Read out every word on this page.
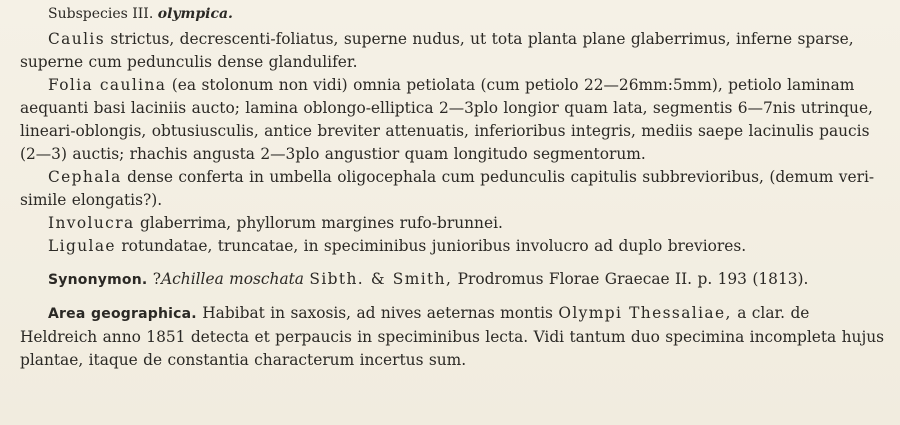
Subspecies III. olympica.

Caulis strictus, decrescenti-foliatus, superne nudus, ut tota planta plane glaberrimus, inferne sparse, superne cum pedunculis dense glandulifer.

Folia caulina (ea stolonum non vidi) omnia petiolata (cum petiolo 22—26mm:5mm), petiolo laminam aequanti basi laciniis aucto; lamina oblongo-elliptica 2—3plo longior quam lata, segmentis 6—7nis utrinque, lineari-oblongis, obtusiusculis, antice breviter attenuatis, inferioribus integris, mediis saepe lacinulis paucis (2—3) auctis; rhachis angusta 2—3plo angustior quam longitudo segmentorum.

Cephala dense conferta in umbella oligocephala cum pedunculis capitulis subbrevioribus, (demum veri- simile elongatis?).

Involucra glaberrima, phyllorum margines rufo-brunnei.

Ligulae rotundatae, truncatae, in speciminibus junioribus involucro ad duplo breviores.

Synonymon. ?Achillea moschata Sibth. & Smith, Prodromus Florae Graecae II. p. 193 (1813).

Area geographica. Habibat in saxosis, ad nives aeternas montis Olympi Thessaliae, a clar. de Heldreich anno 1851 detecta et perpaucis in speciminibus lecta. Vidi tantum duo specimina incompleta hujus plantae, itaque de constantia characterum incertus sum.
